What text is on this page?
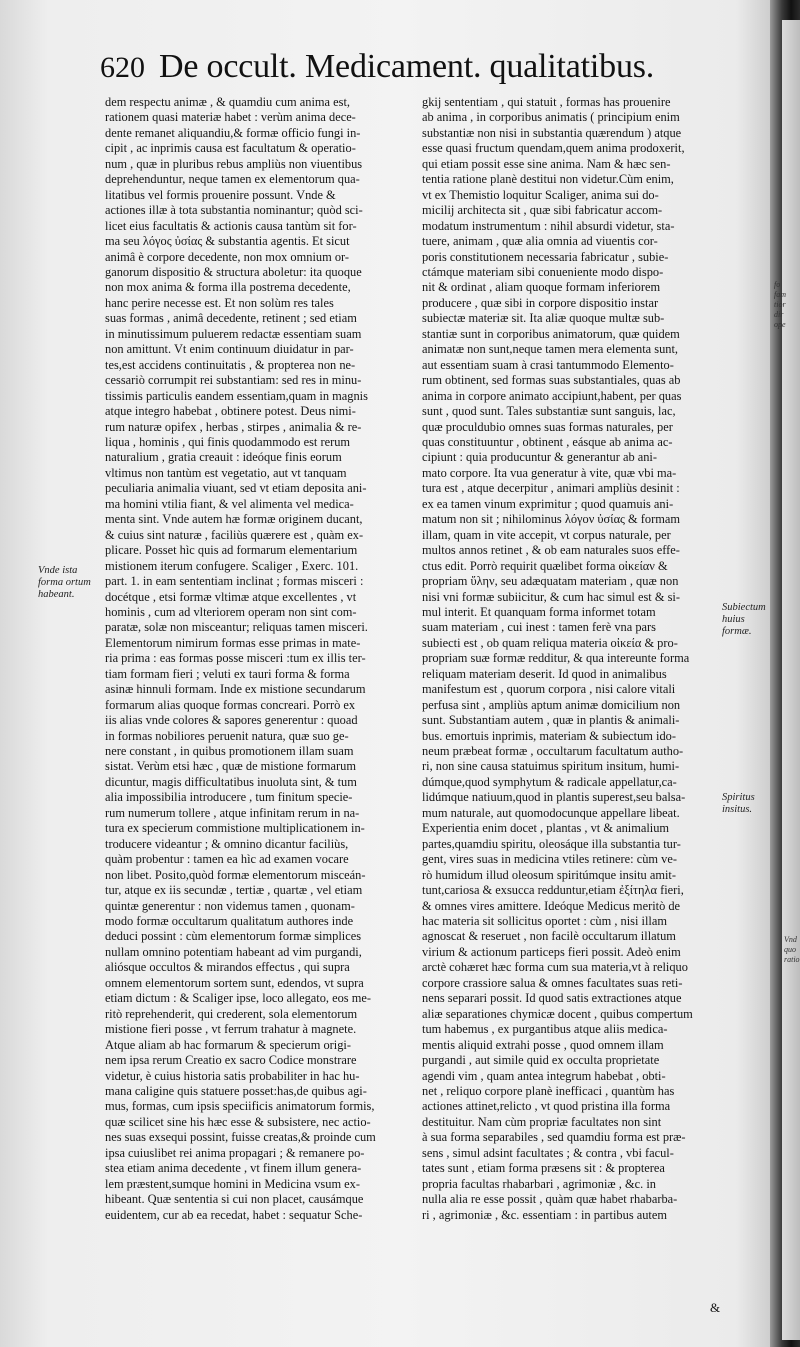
fo
fam
tior
dir
ope
Vnd
quo
ratio
620 De occult. Medicament. qualitatibus.
Vnde ista forma ortum habeant.
Subiectum huius formæ.
Spiritus insitus.
dem respectu animæ , & quamdiu cum anima est,
rationem quasi materiæ habet : verùm anima dece-
dente remanet aliquandiu,& formæ officio fungi in-
cipit , ac inprimis causa est facultatum & operatio-
num , quæ in pluribus rebus ampliùs non viuentibus
deprehenduntur, neque tamen ex elementorum qua-
litatibus vel formis prouenire possunt. Vnde &
actiones illæ à tota substantia nominantur; quòd sci-
licet eius facultatis & actionis causa tantùm sit for-
ma seu λόγος ὐσίας & substantia agentis. Et sicut
animâ è corpore decedente, non mox omnium or-
ganorum dispositio & structura aboletur: ita quoque
non mox anima & forma illa postrema decedente,
hanc perire necesse est. Et non solùm res tales
suas formas , animâ decedente, retinent ; sed etiam
in minutissimum puluerem redactæ essentiam suam
non amittunt. Vt enim continuum diuidatur in par-
tes,est accidens continuitatis , & propterea non ne-
cessariò corrumpit rei substantiam: sed res in minu-
tissimis particulis eandem essentiam,quam in magnis
atque integro habebat , obtinere potest. Deus nimi-
rum naturæ opifex , herbas , stirpes , animalia & re-
liqua , hominis , qui finis quodammodo est rerum
naturalium , gratia creauit : ideóque finis eorum
vltimus non tantùm est vegetatio, aut vt tanquam
peculiaria animalia viuant, sed vt etiam deposita ani-
ma homini vtilia fiant, & vel alimenta vel medica-
menta sint. Vnde autem hæ formæ originem ducant,
& cuius sint naturæ , faciliùs quærere est , quàm ex-
plicare. Posset hìc quis ad formarum elementarium
mistionem iterum confugere. Scaliger , Exerc. 101.
part. 1. in eam sententiam inclinat ; formas misceri :
docétque , etsi formæ vltimæ atque excellentes , vt
hominis , cum ad vlteriorem operam non sint com-
paratæ, solæ non misceantur; reliquas tamen misceri.
Elementorum nimirum formas esse primas in mate-
ria prima : eas formas posse misceri :tum ex illis ter-
tiam formam fieri ; veluti ex tauri forma & forma
asinæ hinnuli formam. Inde ex mistione secundarum
formarum alias quoque formas concreari. Porrò ex
iis alias vnde colores & sapores generentur : quoad
in formas nobiliores peruenit natura, quæ suo ge-
nere constant , in quibus promotionem illam suam
sistat. Verùm etsi hæc , quæ de mistione formarum
dicuntur, magis difficultatibus inuoluta sint, & tum
alia impossibilia introducere , tum finitum specie-
rum numerum tollere , atque infinitam rerum in na-
tura ex specierum commistione multiplicationem in-
troducere videantur ; & omnino dicantur faciliùs,
quàm probentur : tamen ea hìc ad examen vocare
non libet. Posito,quòd formæ elementorum misceán-
tur, atque ex iis secundæ , tertiæ , quartæ , vel etiam
quintæ generentur : non videmus tamen , quonam-
modo formæ occultarum qualitatum authores inde
deduci possint : cùm elementorum formæ simplices
nullam omnino potentiam habeant ad vim purgandi,
aliósque occultos & mirandos effectus , qui supra
omnem elementorum sortem sunt, edendos, vt supra
etiam dictum : & Scaliger ipse, loco allegato, eos me-
ritò reprehenderit, qui crederent, sola elementorum
mistione fieri posse , vt ferrum trahatur à magnete.
Atque aliam ab hac formarum & specierum origi-
nem ipsa rerum Creatio ex sacro Codice monstrare
videtur, è cuius historia satis probabiliter in hac hu-
mana caligine quis statuere posset:has,de quibus agi-
mus, formas, cum ipsis speciificis animatorum formis,
quæ scilicet sine his hæc esse & subsistere, nec actio-
nes suas exsequi possint, fuisse creatas,& proinde cum
ipsa cuiuslibet rei anima propagari ; & remanere po-
stea etiam anima decedente , vt finem illum genera-
lem præstent,sumque homini in Medicina vsum ex-
hibeant. Quæ sententia si cui non placet, causámque
euidentem, cur ab ea recedat, habet : sequatur Sche-
gkij sententiam , qui statuit , formas has prouenire
ab anima , in corporibus animatis ( principium enim
substantiæ non nisi in substantia quærendum ) atque
esse quasi fructum quendam,quem anima prodoxerit,
qui etiam possit esse sine anima. Nam & hæc sen-
tentia ratione planè destitui non videtur.Cùm enim,
vt ex Themistio loquitur Scaliger, anima sui do-
micilij architecta sit , quæ sibi fabricatur accom-
modatum instrumentum : nihil absurdi videtur, sta-
tuere, animam , quæ alia omnia ad viuentis cor-
poris constitutionem necessaria fabricatur , subie-
ctámque materiam sibi conueniente modo dispo-
nit & ordinat , aliam quoque formam inferiorem
producere , quæ sibi in corpore dispositio instar
subiectæ materiæ sit. Ita aliæ quoque multæ sub-
stantiæ sunt in corporibus animatorum, quæ quidem
animatæ non sunt,neque tamen mera elementa sunt,
aut essentiam suam à crasi tantummodo Elemento-
rum obtinent, sed formas suas substantiales, quas ab
anima in corpore animato accipiunt,habent, per quas
sunt , quod sunt. Tales substantiæ sunt sanguis, lac,
quæ proculdubio omnes suas formas naturales, per
quas constituuntur , obtinent , eásque ab anima ac-
cipiunt : quia producuntur & generantur ab ani-
mato corpore. Ita vua generatur à vite, quæ vbi ma-
tura est , atque decerpitur , animari ampliùs desinit :
ex ea tamen vinum exprimitur ; quod quamuis ani-
matum non sit ; nihilominus λόγον ὐσίας & formam
illam, quam in vite accepit, vt corpus naturale, per
multos annos retinet , & ob eam naturales suos effe-
ctus edit. Porrò requirit quælibet forma οἰκείαν &
propriam ὕλην, seu adæquatam materiam , quæ non
nisi vni formæ subiicitur, & cum hac simul est & si-
mul interit. Et quanquam forma informet totam
suam materiam , cui inest : tamen ferè vna pars
subiecti est , ob quam reliqua materia οἰκεία & pro-
propriam suæ formæ redditur, & qua intereunte forma
reliquam materiam deserit. Id quod in animalibus
manifestum est , quorum corpora , nisi calore vitali
perfusa sint , ampliùs aptum animæ domicilium non
sunt. Substantiam autem , quæ in plantis & animali-
bus. emortuis inprimis, materiam & subiectum ido-
neum præbeat formæ , occultarum facultatum autho-
ri, non sine causa statuimus spiritum insitum, humi-
dúmque,quod symphytum & radicale appellatur,ca-
lidúmque natiuum,quod in plantis superest,seu balsa-
mum naturale, aut quomodocunque appellare libeat.
Experientia enim docet , plantas , vt & animalium
partes,quamdiu spiritu, oleosáque illa substantia tur-
gent, vires suas in medicina vtiles retinere: cùm ve-
rò humidum illud oleosum spiritúmque insitu amit-
tunt,cariosa & exsucca redduntur,etiam ἐξίτηλα fieri,
& omnes vires amittere. Ideóque Medicus meritò de
hac materia sit sollicitus oportet : cùm , nisi illam
agnoscat & reseruet , non facilè occultarum illatum
virium & actionum particeps fieri possit. Adeò enim
arctè cohæret hæc forma cum sua materia,vt à reliquo
corpore crassiore salua & omnes facultates suas reti-
nens separari possit. Id quod satis extractiones atque
aliæ separationes chymicæ docent , quibus compertum
tum habemus , ex purgantibus atque aliis medica-
mentis aliquid extrahi posse , quod omnem illam
purgandi , aut simile quid ex occulta proprietate
agendi vim , quam antea integrum habebat , obti-
net , reliquo corpore planè inefficaci , quantùm has
actiones attinet,relicto , vt quod pristina illa forma
destituitur. Nam cùm propriæ facultates non sint
à sua forma separabiles , sed quamdiu forma est præ-
sens , simul adsint facultates ; & contra , vbi facul-
tates sunt , etiam forma præsens sit : & propterea
propria facultas rhabarbari , agrimoniæ , &c. in
nulla alia re esse possit , quàm quæ habet rhabarba-
ri , agrimoniæ , &c. essentiam : in partibus autem
&
